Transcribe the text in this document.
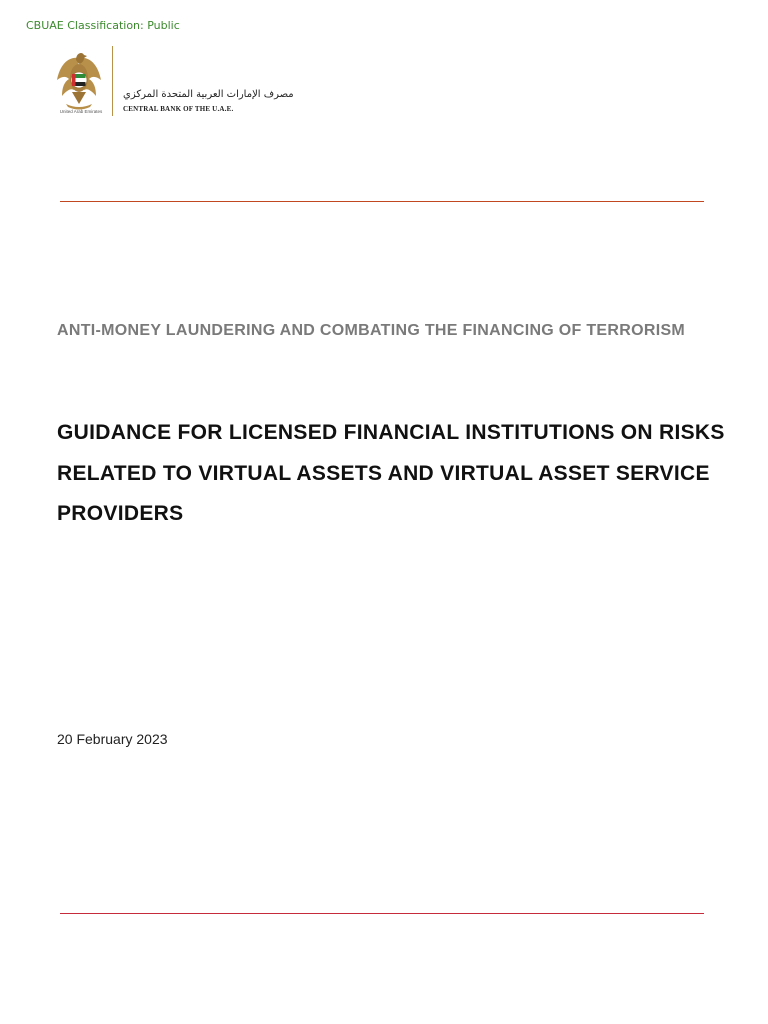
CBUAE Classification: Public
United Arab Emirates
مصرف الإمارات العربية المتحدة المركزي
CENTRAL BANK OF THE U.A.E.
ANTI-MONEY LAUNDERING AND COMBATING THE FINANCING OF TERRORISM
GUIDANCE FOR LICENSED FINANCIAL INSTITUTIONS ON RISKS RELATED TO VIRTUAL ASSETS AND VIRTUAL ASSET SERVICE PROVIDERS
20 February 2023
